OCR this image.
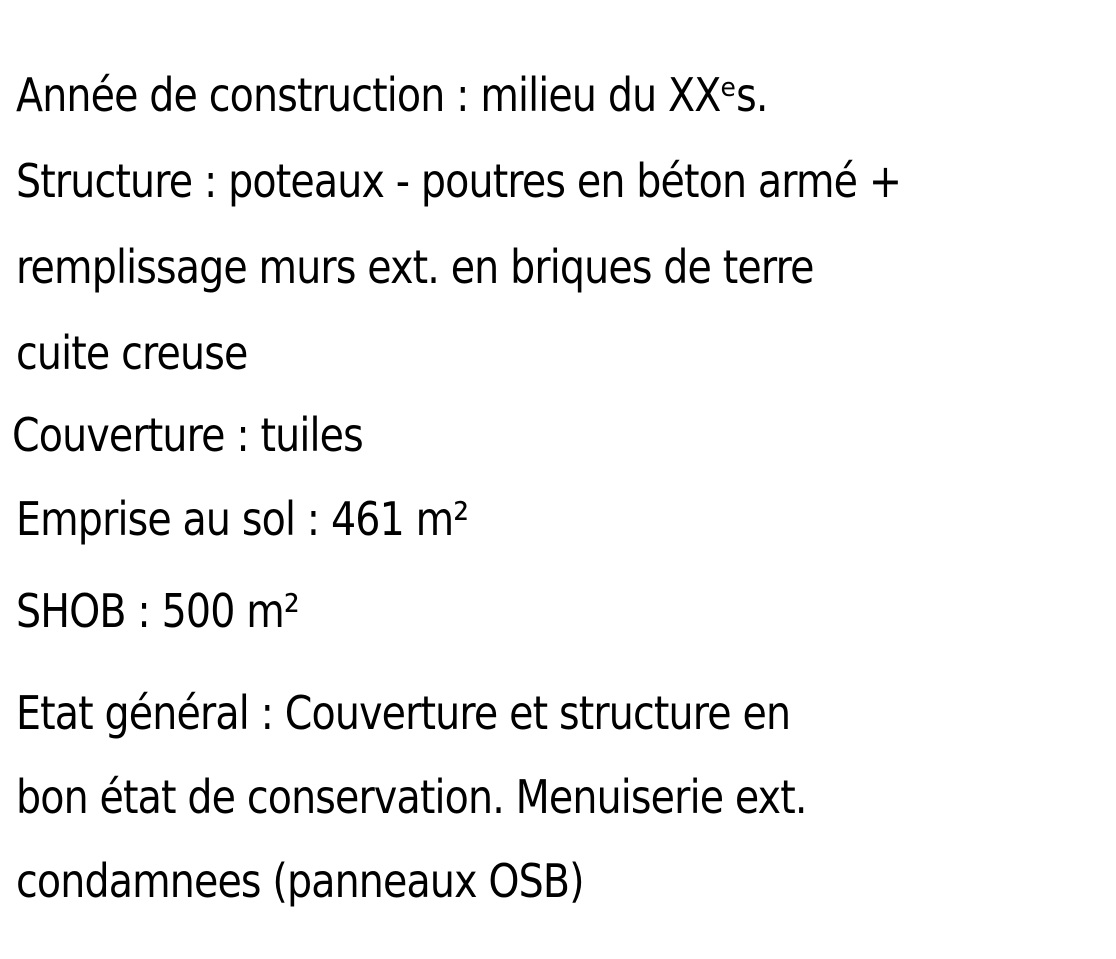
Année de construction : milieu du XXᵉs.
Structure : poteaux - poutres en béton armé +
remplissage murs ext. en briques de terre
cuite creuse
Couverture : tuiles
Emprise au sol : 461 m²
SHOB : 500 m²
Etat général : Couverture et structure en
bon état de conservation. Menuiserie ext.
condamnees (panneaux OSB)
